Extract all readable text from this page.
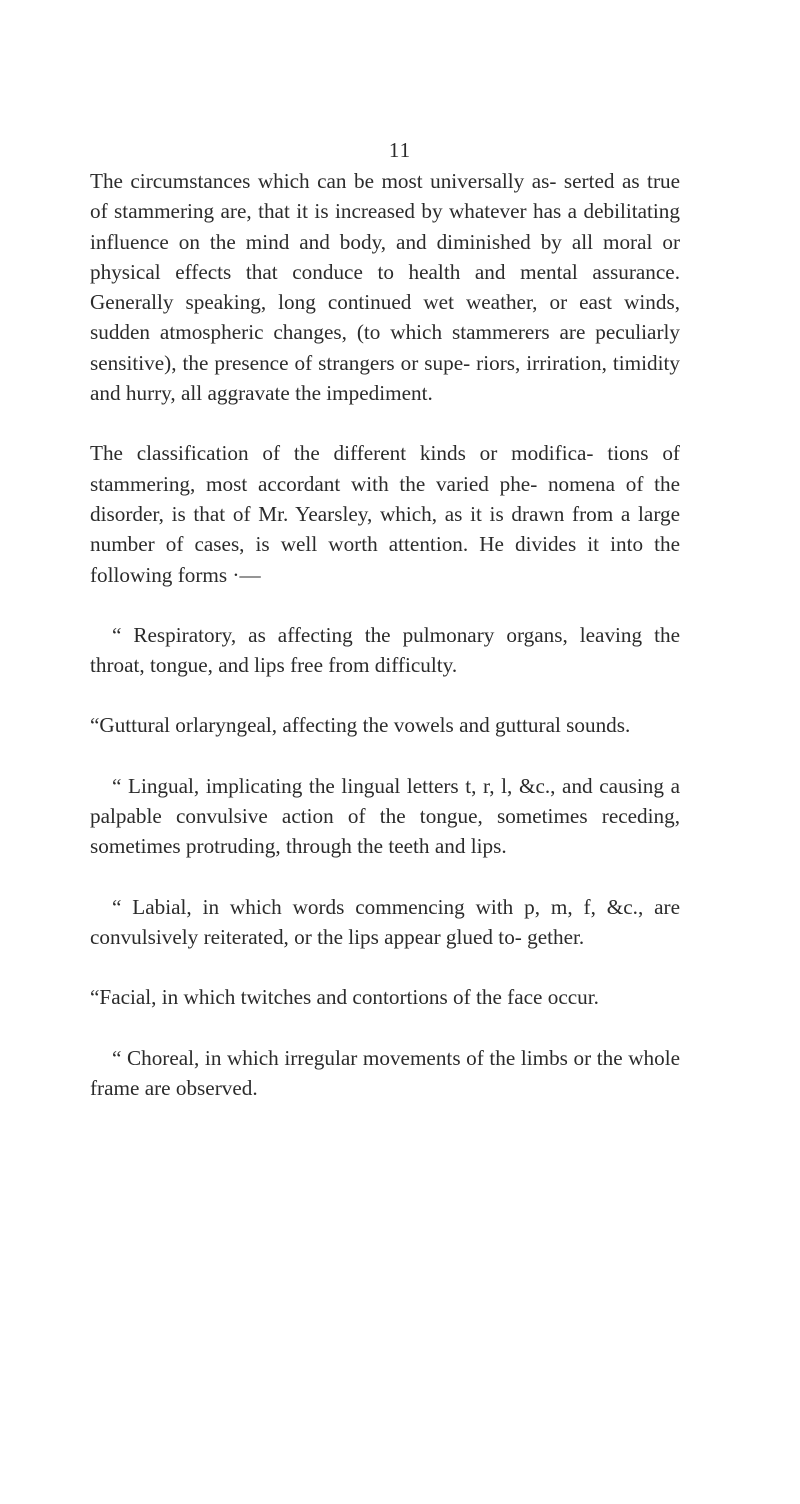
11

The circumstances which can be most universally as- serted as true of stammering are, that it is increased by whatever has a debilitating influence on the mind and body, and diminished by all moral or physical effects that conduce to health and mental assurance. Generally speaking, long continued wet weather, or east winds, sudden atmospheric changes, (to which stammerers are peculiarly sensitive), the presence of strangers or supe- riors, irriration, timidity and hurry, all aggravate the impediment.

The classification of the different kinds or modifica- tions of stammering, most accordant with the varied phe- nomena of the disorder, is that of Mr. Yearsley, which, as it is drawn from a large number of cases, is well worth attention. He divides it into the following forms ·—

“ Respiratory, as affecting the pulmonary organs, leaving the throat, tongue, and lips free from difficulty.

“Guttural orlaryngeal, affecting the vowels and guttural sounds.

“ Lingual, implicating the lingual letters t, r, l, &c., and causing a palpable convulsive action of the tongue, sometimes receding, sometimes protruding, through the teeth and lips.

“ Labial, in which words commencing with p, m, f, &c., are convulsively reiterated, or the lips appear glued to- gether.

“Facial, in which twitches and contortions of the face occur.

“ Choreal, in which irregular movements of the limbs or the whole frame are observed.
